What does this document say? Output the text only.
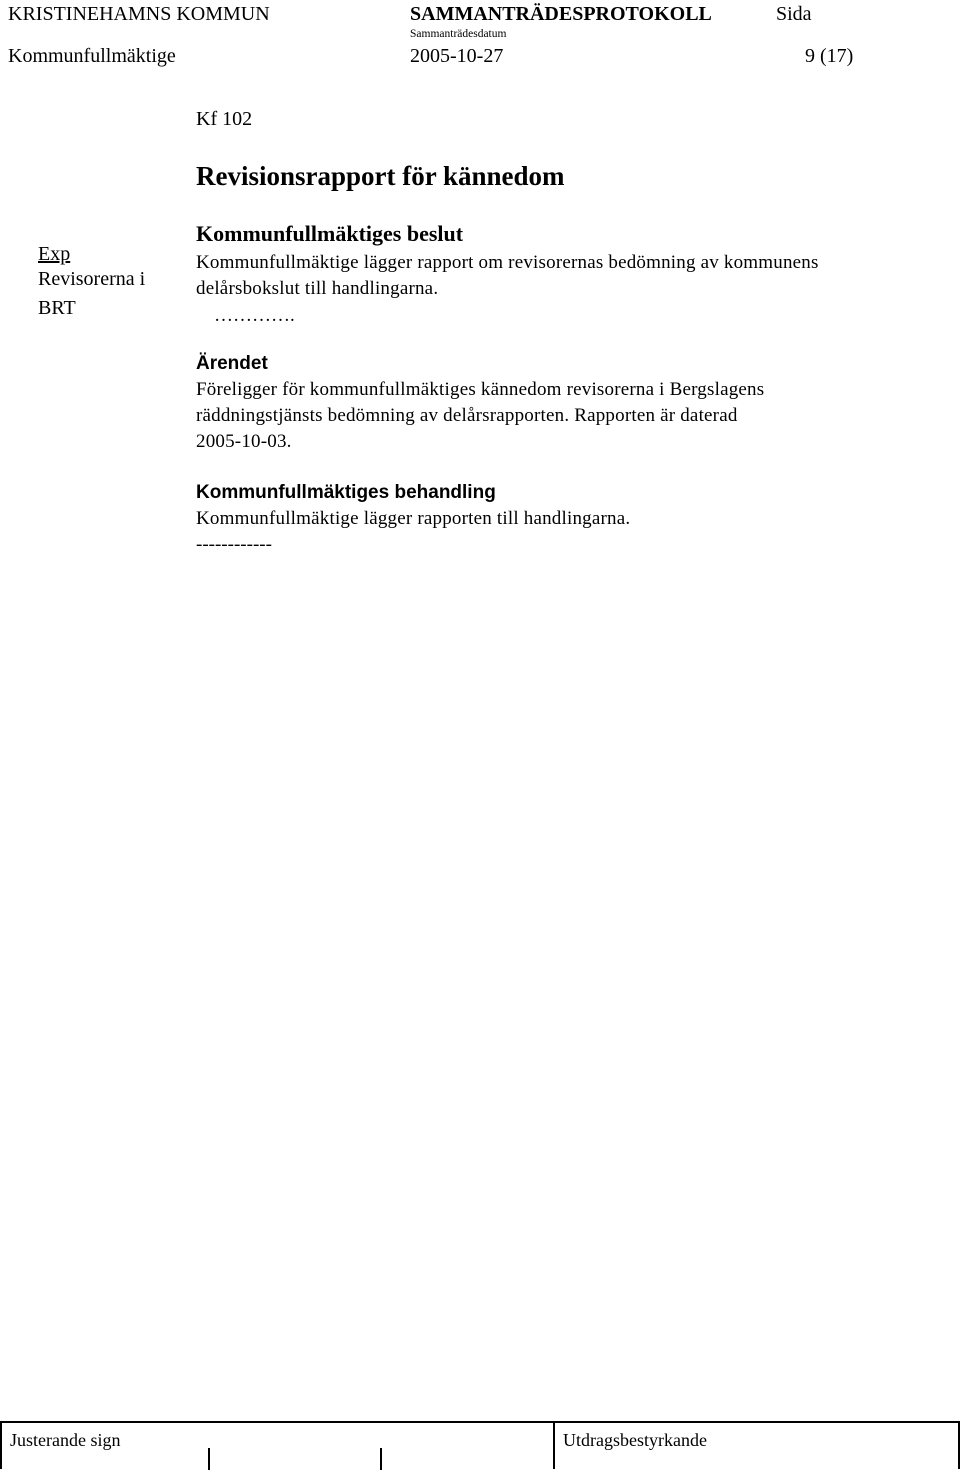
KRISTINEHAMNS KOMMUN	SAMMANTRÄDESPROTOKOLL	Sida
Kommunfullmäktige
Sammanträdesdatum
2005-10-27	9 (17)
Kf 102
Revisionsrapport för kännedom
Exp
Revisorerna i
BRT
Kommunfullmäktiges beslut
Kommunfullmäktige lägger rapport om revisorernas bedömning av kommunens
delårsbokslut till handlingarna.
………….
Ärendet
Föreligger för kommunfullmäktiges kännedom revisorerna i Bergslagens
räddningstjänsts bedömning av delårsrapporten. Rapporten är daterad
2005-10-03.
Kommunfullmäktiges behandling
Kommunfullmäktige lägger rapporten till handlingarna.
------------
Justerande sign	Utdragsbestyrkande
